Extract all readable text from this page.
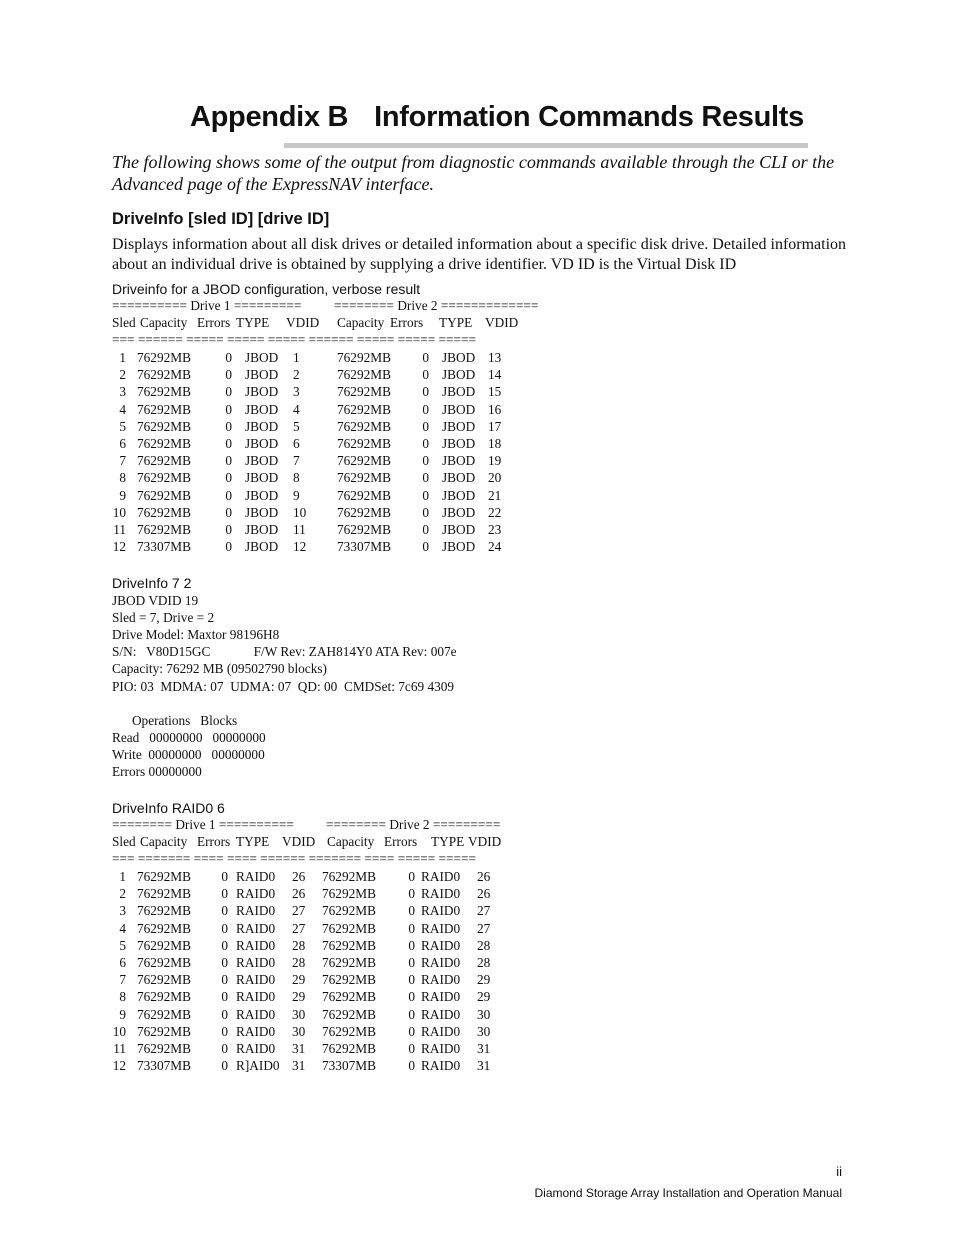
Appendix B Information Commands Results
The following shows some of the output from diagnostic commands available through the CLI or the Advanced page of the ExpressNAV interface.
DriveInfo [sled ID] [drive ID]
Displays information about all disk drives or detailed information about a specific disk drive. Detailed information about an individual drive is obtained by supplying a drive identifier. VD ID is the Virtual Disk ID
Driveinfo for a JBOD configuration, verbose result
========== Drive 1 ========= ======== Drive 2 =============
Sled Capacity Errors TYPE VDID Capacity Errors TYPE VDID
=== ====== ===== ===== ===== ====== ===== ===== =====
1 76292MB	0 JBOD 1	76292MB 0 JBOD 13
2 76292MB	0 JBOD 2	76292MB 0 JBOD 14
3 76292MB	0 JBOD 3	76292MB 0 JBOD 15
4 76292MB	0 JBOD 4	76292MB 0 JBOD 16
5 76292MB	0 JBOD 5	76292MB 0 JBOD 17
6 76292MB	0 JBOD 6	76292MB 0 JBOD 18
7 76292MB	0 JBOD 7	76292MB 0 JBOD 19
8 76292MB	0 JBOD 8	76292MB 0 JBOD 20
9 76292MB	0 JBOD 9	76292MB 0 JBOD 21
10 76292MB	0 JBOD 10 76292MB 0 JBOD 22
11 76292MB	0 JBOD 11 76292MB 0 JBOD 23
12 73307MB	0 JBOD 12 73307MB 0 JBOD 24
DriveInfo 7 2
JBOD VDID 19
Sled = 7, Drive = 2
Drive Model: Maxtor 98196H8
S/N:   V80D15GC             F/W Rev: ZAH814Y0 ATA Rev: 007e
Capacity: 76292 MB (09502790 blocks)
PIO: 03  MDMA: 07  UDMA: 07  QD: 00  CMDSet: 7c69 4309
Operations   Blocks
Read   00000000   00000000
Write  00000000   00000000
Errors 00000000
DriveInfo RAID0 6
======== Drive 1 ========== ======== Drive 2 =========
Sled Capacity Errors TYPE VDID Capacity Errors TYPE VDID
=== ======= ==== ==== ====== ======= ==== ===== =====
1 76292MB 0 RAID0 26 76292MB 0 RAID0 26
2 76292MB 0 RAID0 26 76292MB 0 RAID0 26
3 76292MB 0 RAID0 27 76292MB 0 RAID0 27
4 76292MB 0 RAID0 27 76292MB 0 RAID0 27
5 76292MB 0 RAID0 28 76292MB 0 RAID0 28
6 76292MB 0 RAID0 28 76292MB 0 RAID0 28
7 76292MB 0 RAID0 29 76292MB 0 RAID0 29
8 76292MB 0 RAID0 29 76292MB 0 RAID0 29
9 76292MB 0 RAID0 30 76292MB 0 RAID0 30
10 76292MB 0 RAID0 30 76292MB 0 RAID0 30
11 76292MB 0 RAID0 31 76292MB 0 RAID0 31
12 73307MB 0 R]AID0 31 73307MB 0 RAID0 31
ii
Diamond Storage Array Installation and Operation Manual
